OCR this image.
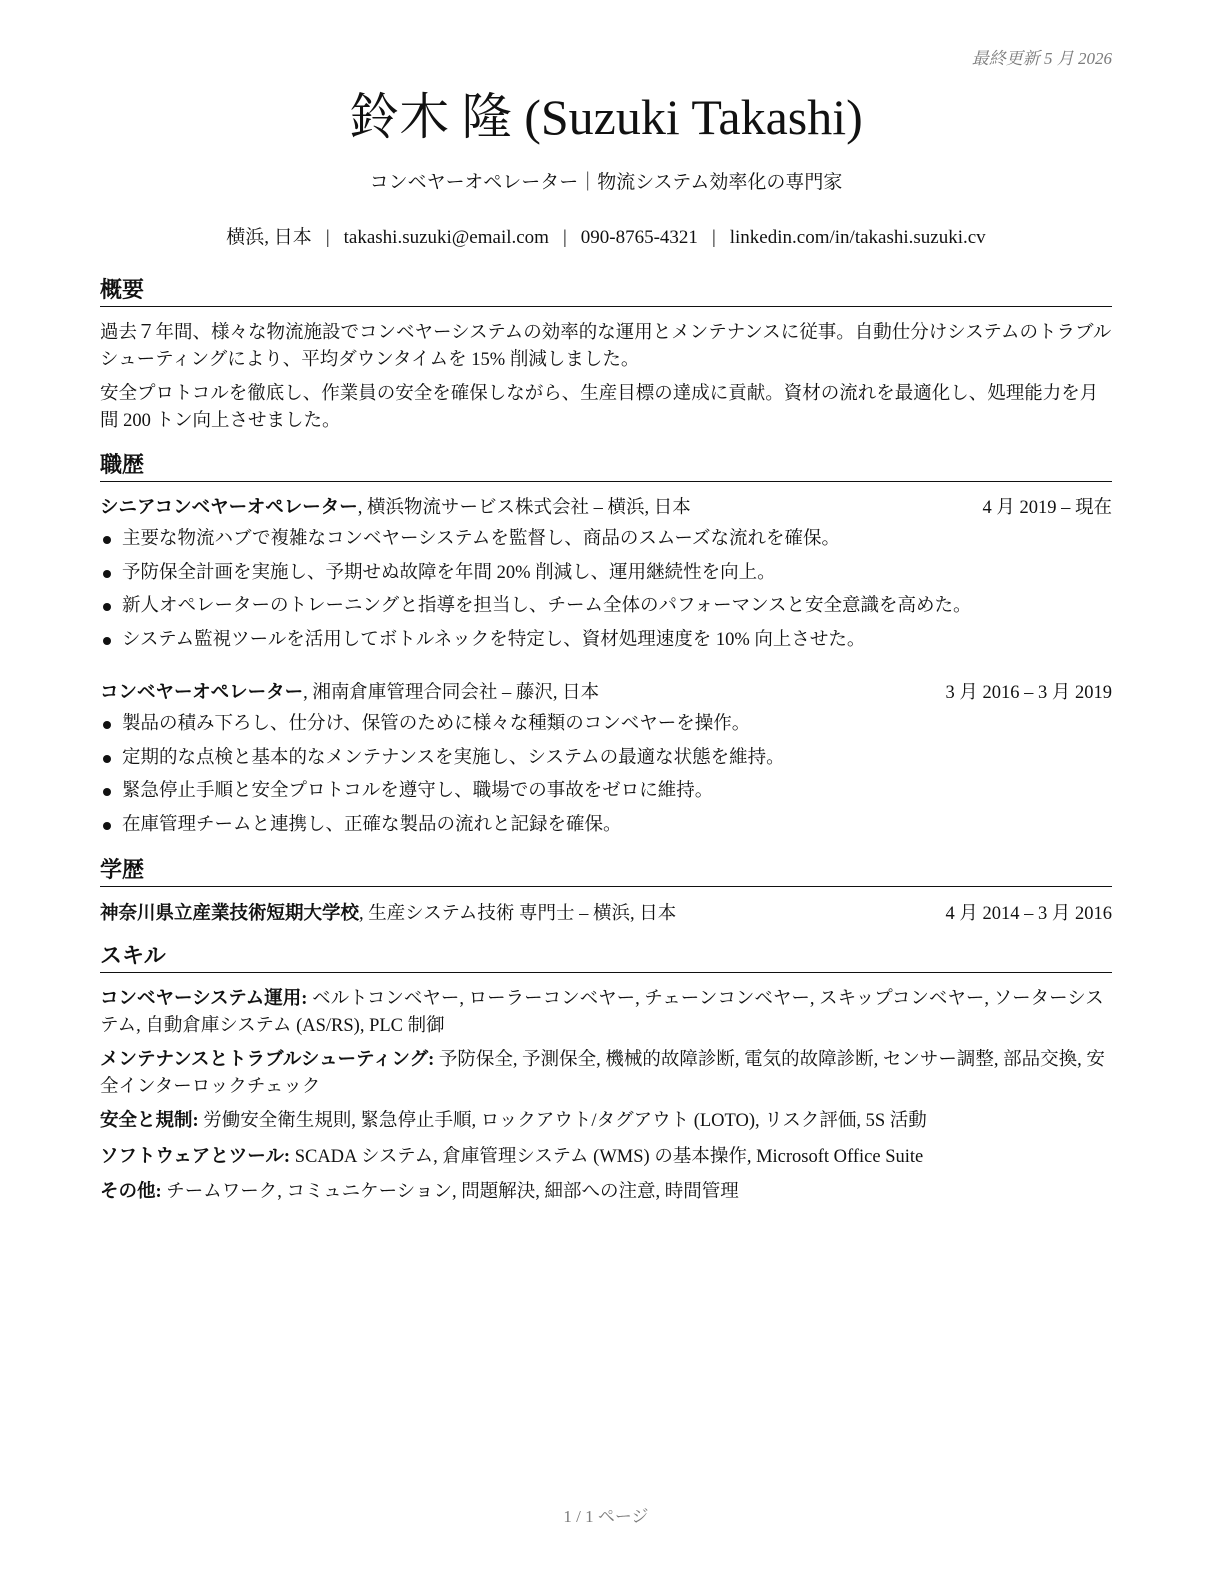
最終更新 5 月 2026
鈴木 隆 (Suzuki Takashi)
コンベヤーオペレーター｜物流システム効率化の専門家
横浜, 日本 | takashi.suzuki@email.com | 090-8765-4321 | linkedin.com/in/takashi.suzuki.cv
概要
過去７年間、様々な物流施設でコンベヤーシステムの効率的な運用とメンテナンスに従事。自動仕分けシステムのトラブルシューティングにより、平均ダウンタイムを 15% 削減しました。
安全プロトコルを徹底し、作業員の安全を確保しながら、生産目標の達成に貢献。資材の流れを最適化し、処理能力を月間 200 トン向上させました。
職歴
シニアコンベヤーオペレーター, 横浜物流サービス株式会社 – 横浜, 日本	4 月 2019 – 現在
主要な物流ハブで複雑なコンベヤーシステムを監督し、商品のスムーズな流れを確保。
予防保全計画を実施し、予期せぬ故障を年間 20% 削減し、運用継続性を向上。
新人オペレーターのトレーニングと指導を担当し、チーム全体のパフォーマンスと安全意識を高めた。
システム監視ツールを活用してボトルネックを特定し、資材処理速度を 10% 向上させた。
コンベヤーオペレーター, 湘南倉庫管理合同会社 – 藤沢, 日本	3 月 2016 – 3 月 2019
製品の積み下ろし、仕分け、保管のために様々な種類のコンベヤーを操作。
定期的な点検と基本的なメンテナンスを実施し、システムの最適な状態を維持。
緊急停止手順と安全プロトコルを遵守し、職場での事故をゼロに維持。
在庫管理チームと連携し、正確な製品の流れと記録を確保。
学歴
神奈川県立産業技術短期大学校, 生産システム技術 専門士 – 横浜, 日本	4 月 2014 – 3 月 2016
スキル
コンベヤーシステム運用: ベルトコンベヤー, ローラーコンベヤー, チェーンコンベヤー, スキップコンベヤー, ソーターシステム, 自動倉庫システム (AS/RS), PLC 制御
メンテナンスとトラブルシューティング: 予防保全, 予測保全, 機械的故障診断, 電気的故障診断, センサー調整, 部品交換, 安全インターロックチェック
安全と規制: 労働安全衛生規則, 緊急停止手順, ロックアウト/タグアウト (LOTO), リスク評価, 5S 活動
ソフトウェアとツール: SCADA システム, 倉庫管理システム (WMS) の基本操作, Microsoft Office Suite
その他: チームワーク, コミュニケーション, 問題解決, 細部への注意, 時間管理
1 / 1 ページ
